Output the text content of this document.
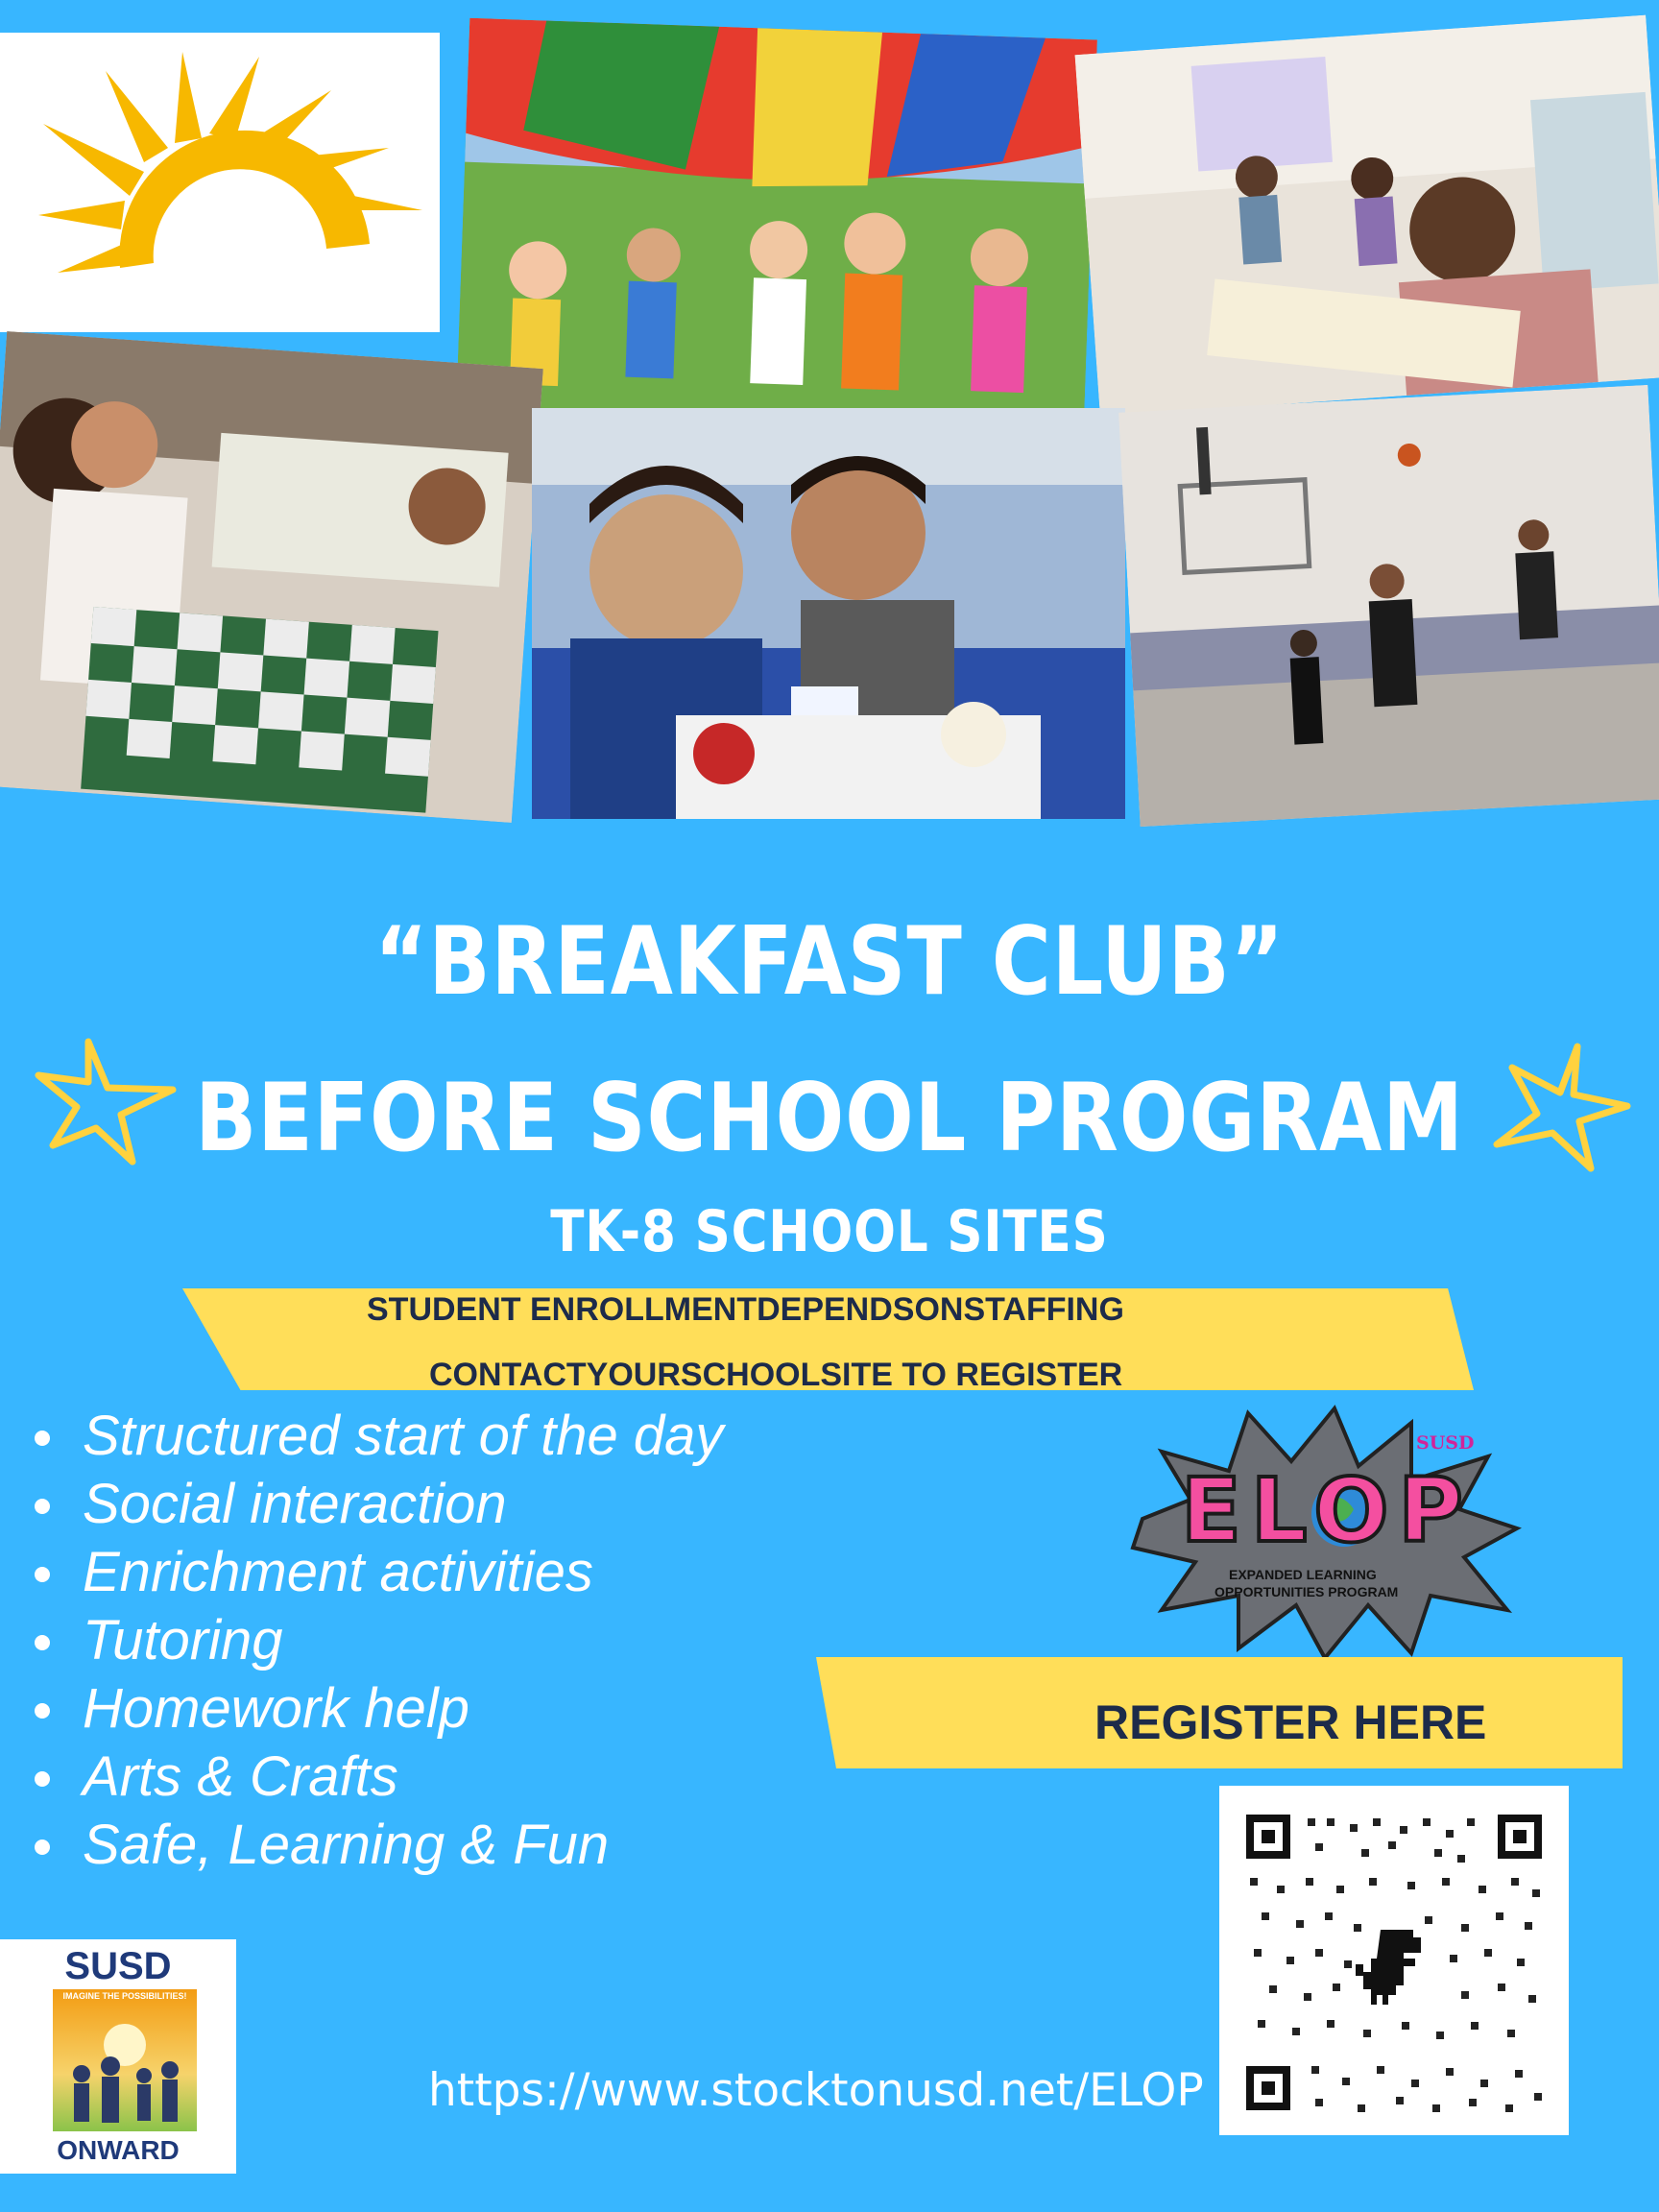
“BREAKFAST CLUB”
BEFORE SCHOOL PROGRAM
TK-8 SCHOOL SITES
STUDENT ENROLLMENTDEPENDSONSTAFFING
CONTACTYOURSCHOOLSITE TO REGISTER
Structured start of the day
Social interaction
Enrichment activities
Tutoring
Homework help
Arts & Crafts
Safe, Learning & Fun
ELOP
SUSD
EXPANDED LEARNING
OPPORTUNITIES PROGRAM
REGISTER HERE
SUSD
IMAGINE THE POSSIBILITIES!
ONWARD
https://www.stocktonusd.net/ELOP
